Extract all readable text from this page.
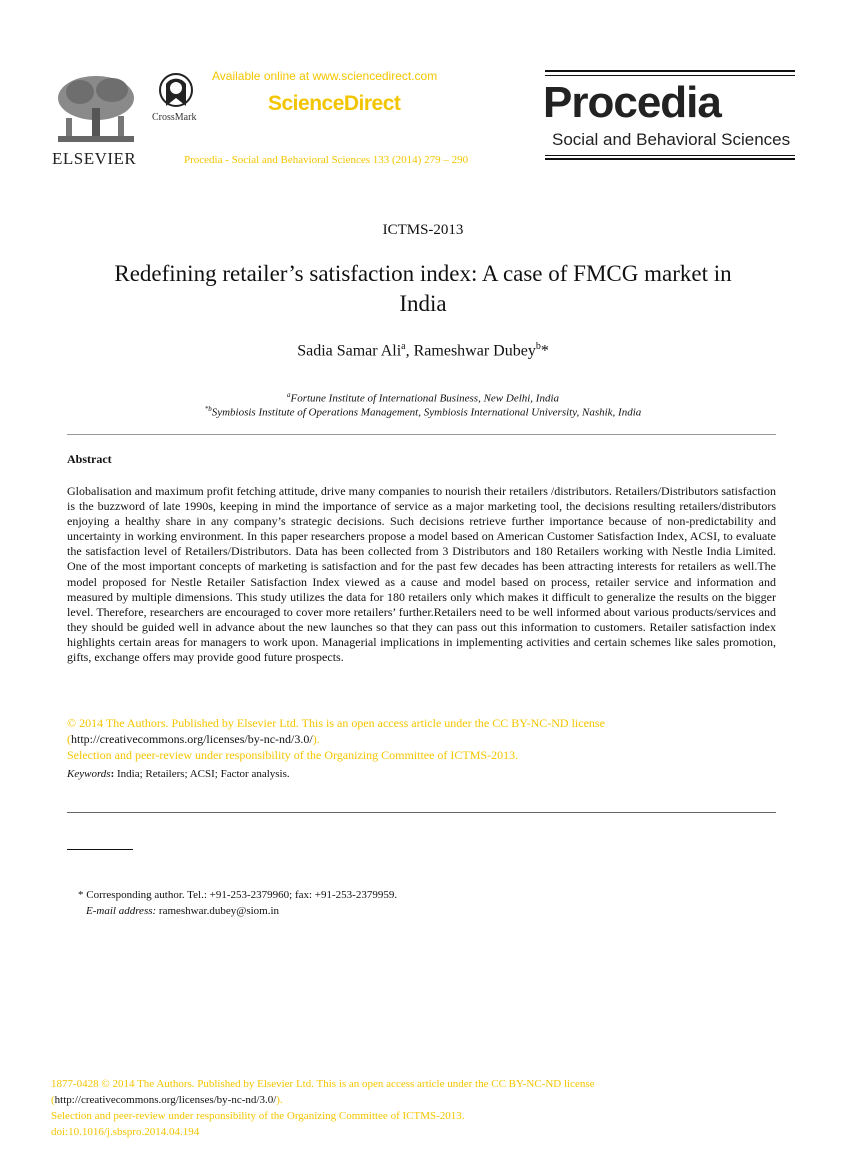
ELSEVIER
CrossMark
Available online at www.sciencedirect.com
ScienceDirect
Procedia - Social and Behavioral Sciences 133 (2014) 279 – 290
Procedia
Social and Behavioral Sciences
ICTMS-2013
Redefining retailer’s satisfaction index: A case of FMCG market in
India
Sadia Samar Ali$^a$, Rameshwar Dubey$^b$*
$^a$Fortune Institute of International Business, New Delhi, India
$^{*b}$Symbiosis Institute of Operations Management, Symbiosis International University, Nashik, India
Abstract
Globalisation and maximum profit fetching attitude, drive many companies to nourish their retailers /distributors. Retailers/Distributors satisfaction is the buzzword of late 1990s, keeping in mind the importance of service as a major marketing tool, the decisions resulting retailers/distributors enjoying a healthy share in any company’s strategic decisions. Such decisions retrieve further importance because of non-predictability and uncertainty in working environment. In this paper researchers propose a model based on American Customer Satisfaction Index, ACSI, to evaluate the satisfaction level of Retailers/Distributors. Data has been collected from 3 Distributors and 180 Retailers working with Nestle India Limited. One of the most important concepts of marketing is satisfaction and for the past few decades has been attracting interests for retailers as well.The model proposed for Nestle Retailer Satisfaction Index viewed as a cause and model based on process, retailer service and information and measured by multiple dimensions. This study utilizes the data for 180 retailers only which makes it difficult to generalize the results on the bigger level. Therefore, researchers are encouraged to cover more retailers’ further.Retailers need to be well informed about various products/services and they should be guided well in advance about the new launches so that they can pass out this information to customers. Retailer satisfaction index highlights certain areas for managers to work upon. Managerial implications in implementing activities and certain schemes like sales promotion, gifts, exchange offers may provide good future prospects.
© 2014 The Authors. Published by Elsevier Ltd. This is an open access article under the CC BY-NC-ND license
(http://creativecommons.org/licenses/by-nc-nd/3.0/).
Selection and peer-review under responsibility of the Organizing Committee of ICTMS-2013.
Keywords: India; Retailers; ACSI; Factor analysis.
* Corresponding author. Tel.: +91-253-2379960; fax: +91-253-2379959.
E-mail address: rameshwar.dubey@siom.in
1877-0428 © 2014 The Authors. Published by Elsevier Ltd. This is an open access article under the CC BY-NC-ND license
(http://creativecommons.org/licenses/by-nc-nd/3.0/).
Selection and peer-review under responsibility of the Organizing Committee of ICTMS-2013.
doi:10.1016/j.sbspro.2014.04.194
